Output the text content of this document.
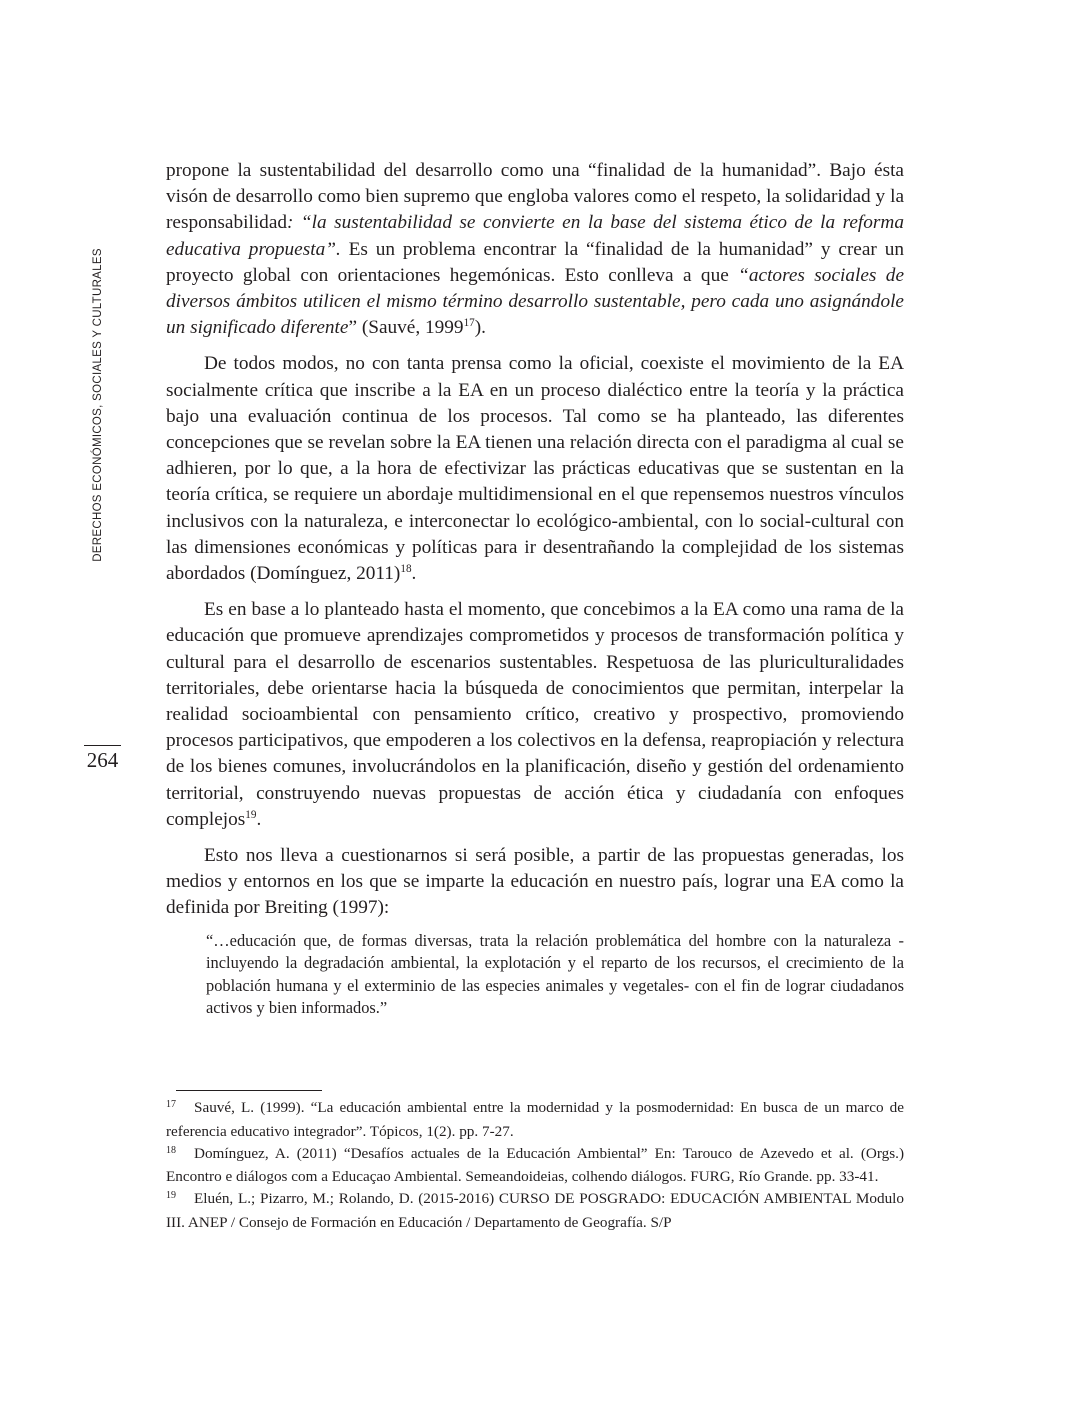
DERECHOS ECONÓMICOS, SOCIALES Y CULTURALES
264

propone la sustentabilidad del desarrollo como una “finalidad de la humanidad”. Bajo ésta visón de desarrollo como bien supremo que engloba valores como el respeto, la solidaridad y la responsabilidad: “la sustentabilidad se convierte en la base del sistema ético de la reforma educativa propuesta”. Es un problema encontrar la “finalidad de la humanidad” y crear un proyecto global con orientaciones hegemónicas. Esto conlleva a que “actores sociales de diversos ámbitos utilicen el mismo término desarrollo sustentable, pero cada uno asignándole un significado diferente” (Sauvé, 1999$^{17}$).

De todos modos, no con tanta prensa como la oficial, coexiste el movimiento de la EA socialmente crítica que inscribe a la EA en un proceso dialéctico entre la teoría y la práctica bajo una evaluación continua de los procesos. Tal como se ha planteado, las diferentes concepciones que se revelan sobre la EA tienen una relación directa con el paradigma al cual se adhieren, por lo que, a la hora de efectivizar las prácticas educativas que se sustentan en la teoría crítica, se requiere un abordaje multidimensional en el que repensemos nuestros vínculos inclusivos con la naturaleza, e interconectar lo ecológico-ambiental, con lo social-cultural con las dimensiones económicas y políticas para ir desentrañando la complejidad de los sistemas abordados (Domínguez, 2011)$^{18}$.

Es en base a lo planteado hasta el momento, que concebimos a la EA como una rama de la educación que promueve aprendizajes comprometidos y procesos de transformación política y cultural para el desarrollo de escenarios sustentables. Respetuosa de las pluriculturalidades territoriales, debe orientarse hacia la búsqueda de conocimientos que permitan, interpelar la realidad socioambiental con pensamiento crítico, creativo y prospectivo, promoviendo procesos participativos, que empoderen a los colectivos en la defensa, reapropiación y relectura de los bienes comunes, involucrándolos en la planificación, diseño y gestión del ordenamiento territorial, construyendo nuevas propuestas de acción ética y ciudadanía con enfoques complejos$^{19}$.

Esto nos lleva a cuestionarnos si será posible, a partir de las propuestas generadas, los medios y entornos en los que se imparte la educación en nuestro país, lograr una EA como la definida por Breiting (1997):

“…educación que, de formas diversas, trata la relación problemática del hombre con la naturaleza -incluyendo la degradación ambiental, la explotación y el reparto de los recursos, el crecimiento de la población humana y el exterminio de las especies animales y vegetales- con el fin de lograr ciudadanos activos y bien informados.”
17 Sauvé, L. (1999). “La educación ambiental entre la modernidad y la posmodernidad: En busca de un marco de referencia educativo integrador”. Tópicos, 1(2). pp. 7-27.
18 Domínguez, A. (2011) “Desafíos actuales de la Educación Ambiental” En: Tarouco de Azevedo et al. (Orgs.) Encontro e diálogos com a Educaçao Ambiental. Semeandoideias, colhendo diálogos. FURG, Río Grande. pp. 33-41.
19 Eluén, L.; Pizarro, M.; Rolando, D. (2015-2016) CURSO DE POSGRADO: EDUCACIÓN AMBIENTAL Modulo III. ANEP / Consejo de Formación en Educación / Departamento de Geografía. S/P
